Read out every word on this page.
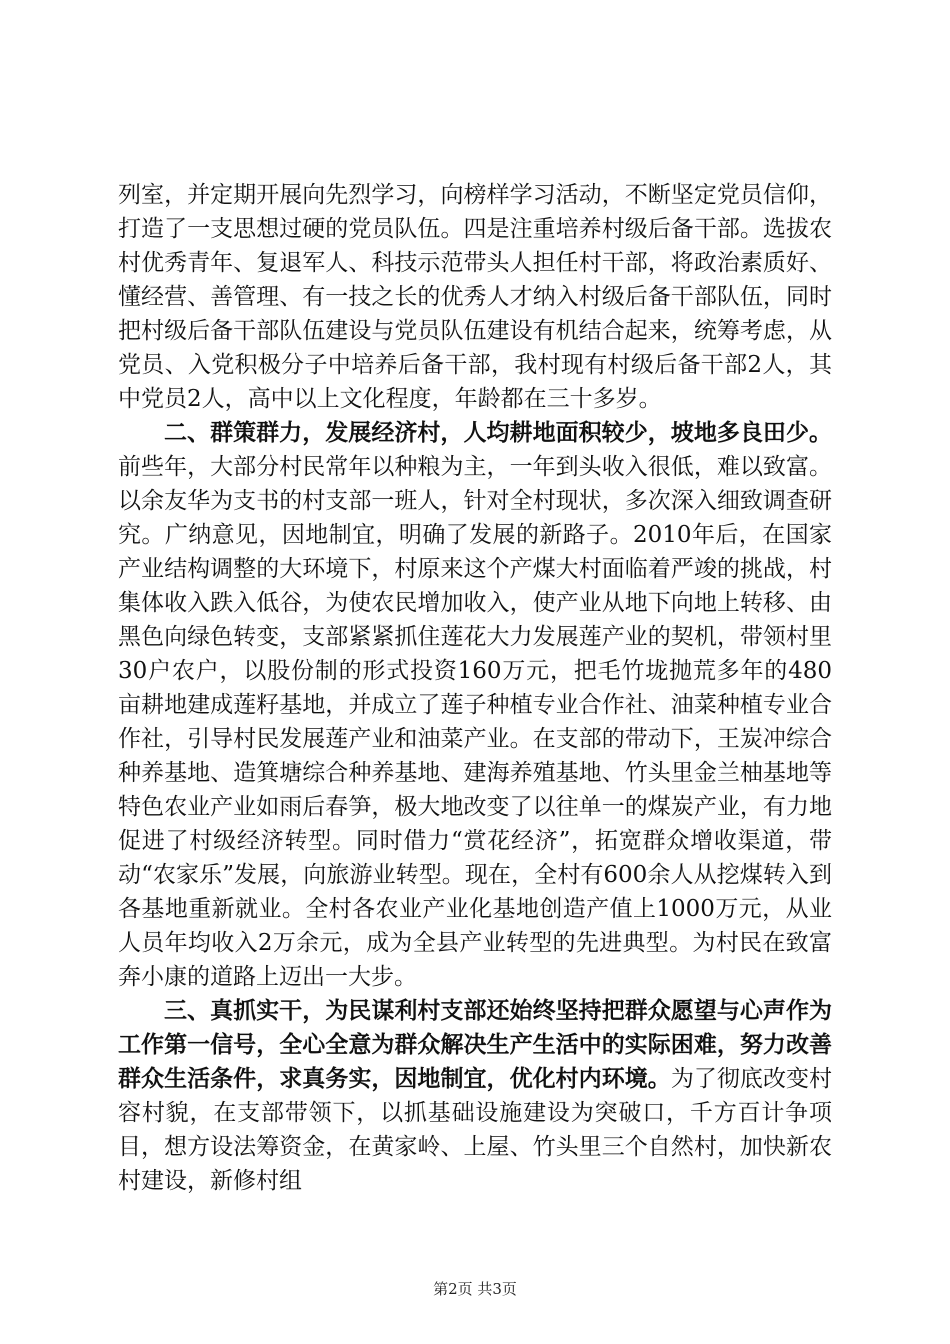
列室，并定期开展向先烈学习，向榜样学习活动，不断坚定党员信仰，打造了一支思想过硬的党员队伍。四是注重培养村级后备干部。选拔农村优秀青年、复退军人、科技示范带头人担任村干部，将政治素质好、懂经营、善管理、有一技之长的优秀人才纳入村级后备干部队伍，同时把村级后备干部队伍建设与党员队伍建设有机结合起来，统筹考虑，从党员、入党积极分子中培养后备干部，我村现有村级后备干部2人，其中党员2人，高中以上文化程度，年龄都在三十多岁。

二、群策群力，发展经济村，人均耕地面积较少，坡地多良田少。前些年，大部分村民常年以种粮为主，一年到头收入很低，难以致富。以余友华为支书的村支部一班人，针对全村现状，多次深入细致调查研究。广纳意见，因地制宜，明确了发展的新路子。2010年后，在国家产业结构调整的大环境下，村原来这个产煤大村面临着严竣的挑战，村集体收入跌入低谷，为使农民增加收入，使产业从地下向地上转移、由黑色向绿色转变，支部紧紧抓住莲花大力发展莲产业的契机，带领村里30户农户，以股份制的形式投资160万元，把毛竹垅抛荒多年的480亩耕地建成莲籽基地，并成立了莲子种植专业合作社、油菜种植专业合作社，引导村民发展莲产业和油菜产业。在支部的带动下，王炭冲综合种养基地、造箕塘综合种养基地、建海养殖基地、竹头里金兰柚基地等特色农业产业如雨后春笋，极大地改变了以往单一的煤炭产业，有力地促进了村级经济转型。同时借力“赏花经济”，拓宽群众增收渠道，带动“农家乐”发展，向旅游业转型。现在，全村有600余人从挖煤转入到各基地重新就业。全村各农业产业化基地创造产值上1000万元，从业人员年均收入2万余元，成为全县产业转型的先进典型。为村民在致富奔小康的道路上迈出一大步。

三、真抓实干，为民谋利村支部还始终坚持把群众愿望与心声作为工作第一信号，全心全意为群众解决生产生活中的实际困难，努力改善群众生活条件，求真务实，因地制宜，优化村内环境。为了彻底改变村容村貌，在支部带领下，以抓基础设施建设为突破口，千方百计争项目，想方设法筹资金，在黄家岭、上屋、竹头里三个自然村，加快新农村建设，新修村组

第2页 共3页
